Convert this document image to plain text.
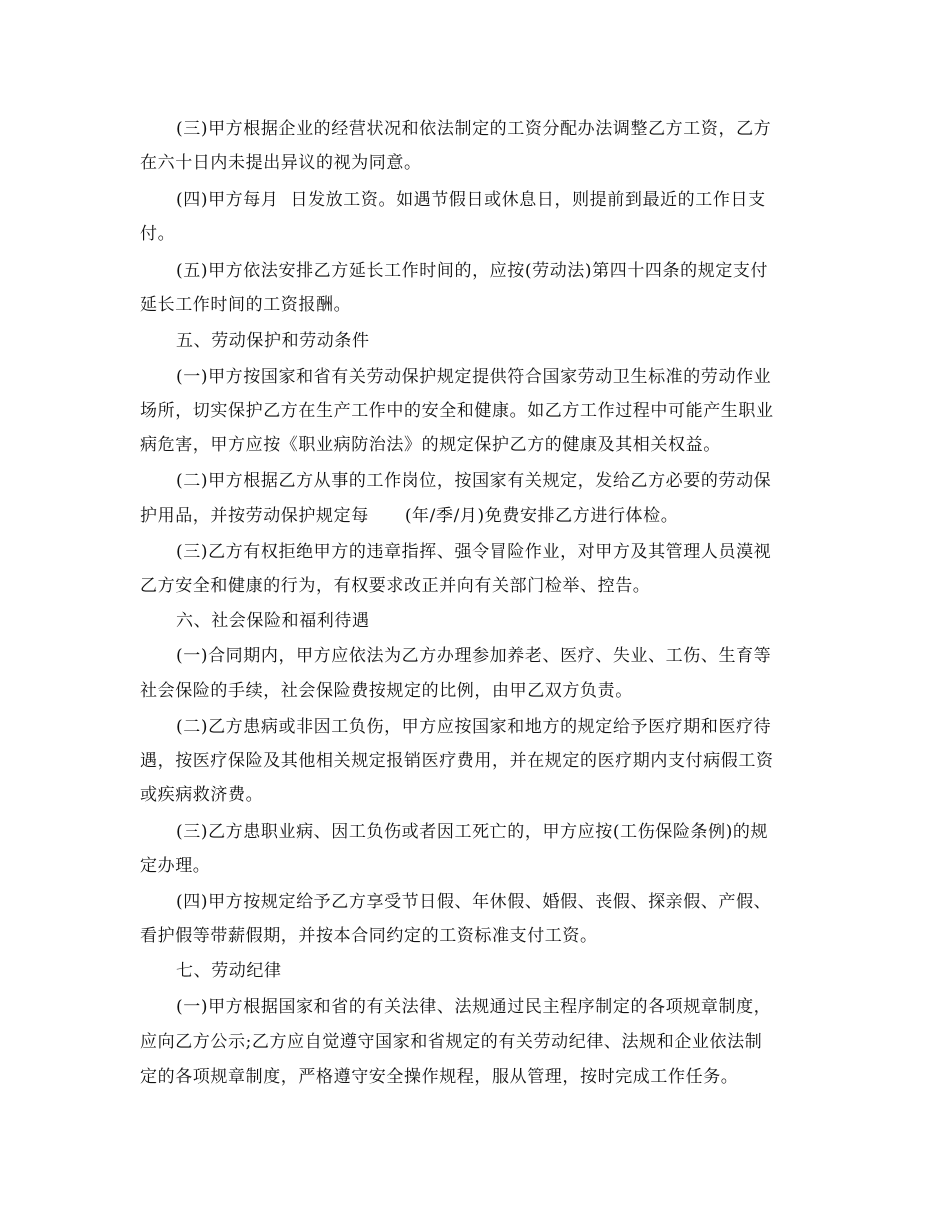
(三)甲方根据企业的经营状况和依法制定的工资分配办法调整乙方工资，乙方
在六十日内未提出异议的视为同意。
(四)甲方每月  日发放工资。如遇节假日或休息日，则提前到最近的工作日支
付。
(五)甲方依法安排乙方延长工作时间的，应按(劳动法)第四十四条的规定支付
延长工作时间的工资报酬。
五、劳动保护和劳动条件
(一)甲方按国家和省有关劳动保护规定提供符合国家劳动卫生标准的劳动作业
场所，切实保护乙方在生产工作中的安全和健康。如乙方工作过程中可能产生职业
病危害，甲方应按《职业病防治法》的规定保护乙方的健康及其相关权益。
(二)甲方根据乙方从事的工作岗位，按国家有关规定，发给乙方必要的劳动保
护用品，并按劳动保护规定每      (年/季/月)免费安排乙方进行体检。
(三)乙方有权拒绝甲方的违章指挥、强令冒险作业，对甲方及其管理人员漠视
乙方安全和健康的行为，有权要求改正并向有关部门检举、控告。
六、社会保险和福利待遇
(一)合同期内，甲方应依法为乙方办理参加养老、医疗、失业、工伤、生育等
社会保险的手续，社会保险费按规定的比例，由甲乙双方负责。
(二)乙方患病或非因工负伤，甲方应按国家和地方的规定给予医疗期和医疗待
遇，按医疗保险及其他相关规定报销医疗费用，并在规定的医疗期内支付病假工资
或疾病救济费。
(三)乙方患职业病、因工负伤或者因工死亡的，甲方应按(工伤保险条例)的规
定办理。
(四)甲方按规定给予乙方享受节日假、年休假、婚假、丧假、探亲假、产假、
看护假等带薪假期，并按本合同约定的工资标准支付工资。
七、劳动纪律
(一)甲方根据国家和省的有关法律、法规通过民主程序制定的各项规章制度，
应向乙方公示;乙方应自觉遵守国家和省规定的有关劳动纪律、法规和企业依法制
定的各项规章制度，严格遵守安全操作规程，服从管理，按时完成工作任务。
